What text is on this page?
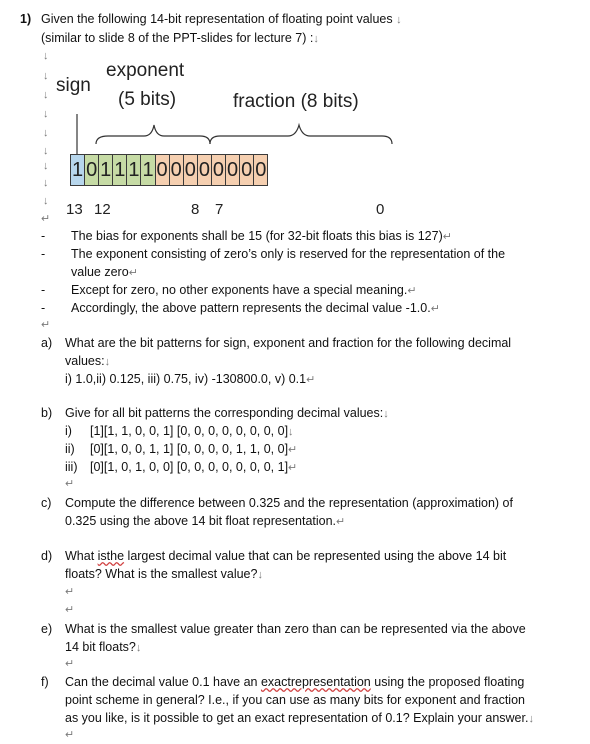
1) Given the following 14-bit representation of floating point values ↓
(similar to slide 8 of the PPT-slides for lecture 7) :↓
↓
↓
↓
↓
↓
↓
↓
↓
↓
↵
sign
exponent
(5 bits)	fraction (8 bits)
1 0 1 1 1 1 0 0 0 0 0 0 0 0
13 12	8 7	0
- The bias for exponents shall be 15 (for 32-bit floats this bias is 127)↵
- The exponent consisting of zero’s only is reserved for the representation of the
value zero↵
- Except for zero, no other exponents have a special meaning.↵
- Accordingly, the above pattern represents the decimal value -1.0.↵
↵
a) What are the bit patterns for sign, exponent and fraction for the following decimal
values:↓
i) 1.0,ii) 0.125, iii) 0.75, iv) -130800.0, v) 0.1↵
b) Give for all bit patterns the corresponding decimal values:↓
i) [1][1, 1, 0, 0, 1] [0, 0, 0, 0, 0, 0, 0, 0]↓
ii) [0][1, 0, 0, 1, 1] [0, 0, 0, 0, 1, 1, 0, 0]↵
iii) [0][1, 0, 1, 0, 0] [0, 0, 0, 0, 0, 0, 0, 1]↵
↵
c) Compute the difference between 0.325 and the representation (approximation) of
0.325 using the above 14 bit float representation.↵
d) What isthe largest decimal value that can be represented using the above 14 bit
floats? What is the smallest value?↓
↵
↵
e) What is the smallest value greater than zero than can be represented via the above
14 bit floats?↓
↵
f) Can the decimal value 0.1 have an exactrepresentation using the proposed floating
point scheme in general? I.e., if you can use as many bits for exponent and fraction
as you like, is it possible to get an exact representation of 0.1? Explain your answer.↓
↵
